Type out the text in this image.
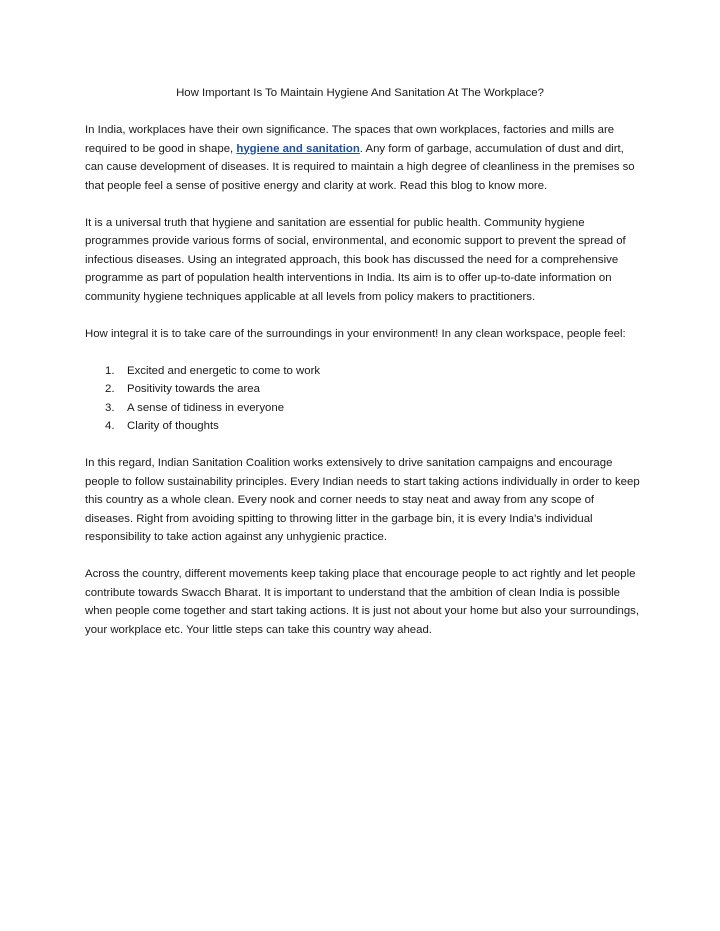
How Important Is To Maintain Hygiene And Sanitation At The Workplace?

In India, workplaces have their own significance. The spaces that own workplaces, factories and mills are required to be good in shape, hygiene and sanitation. Any form of garbage, accumulation of dust and dirt, can cause development of diseases. It is required to maintain a high degree of cleanliness in the premises so that people feel a sense of positive energy and clarity at work. Read this blog to know more.

It is a universal truth that hygiene and sanitation are essential for public health. Community hygiene programmes provide various forms of social, environmental, and economic support to prevent the spread of infectious diseases. Using an integrated approach, this book has discussed the need for a comprehensive programme as part of population health interventions in India. Its aim is to offer up-to-date information on community hygiene techniques applicable at all levels from policy makers to practitioners.

How integral it is to take care of the surroundings in your environment! In any clean workspace, people feel:

1. Excited and energetic to come to work
2. Positivity towards the area
3. A sense of tidiness in everyone
4. Clarity of thoughts

In this regard, Indian Sanitation Coalition works extensively to drive sanitation campaigns and encourage people to follow sustainability principles. Every Indian needs to start taking actions individually in order to keep this country as a whole clean. Every nook and corner needs to stay neat and away from any scope of diseases. Right from avoiding spitting to throwing litter in the garbage bin, it is every India’s individual responsibility to take action against any unhygienic practice.

Across the country, different movements keep taking place that encourage people to act rightly and let people contribute towards Swacch Bharat. It is important to understand that the ambition of clean India is possible when people come together and start taking actions. It is just not about your home but also your surroundings, your workplace etc. Your little steps can take this country way ahead.
